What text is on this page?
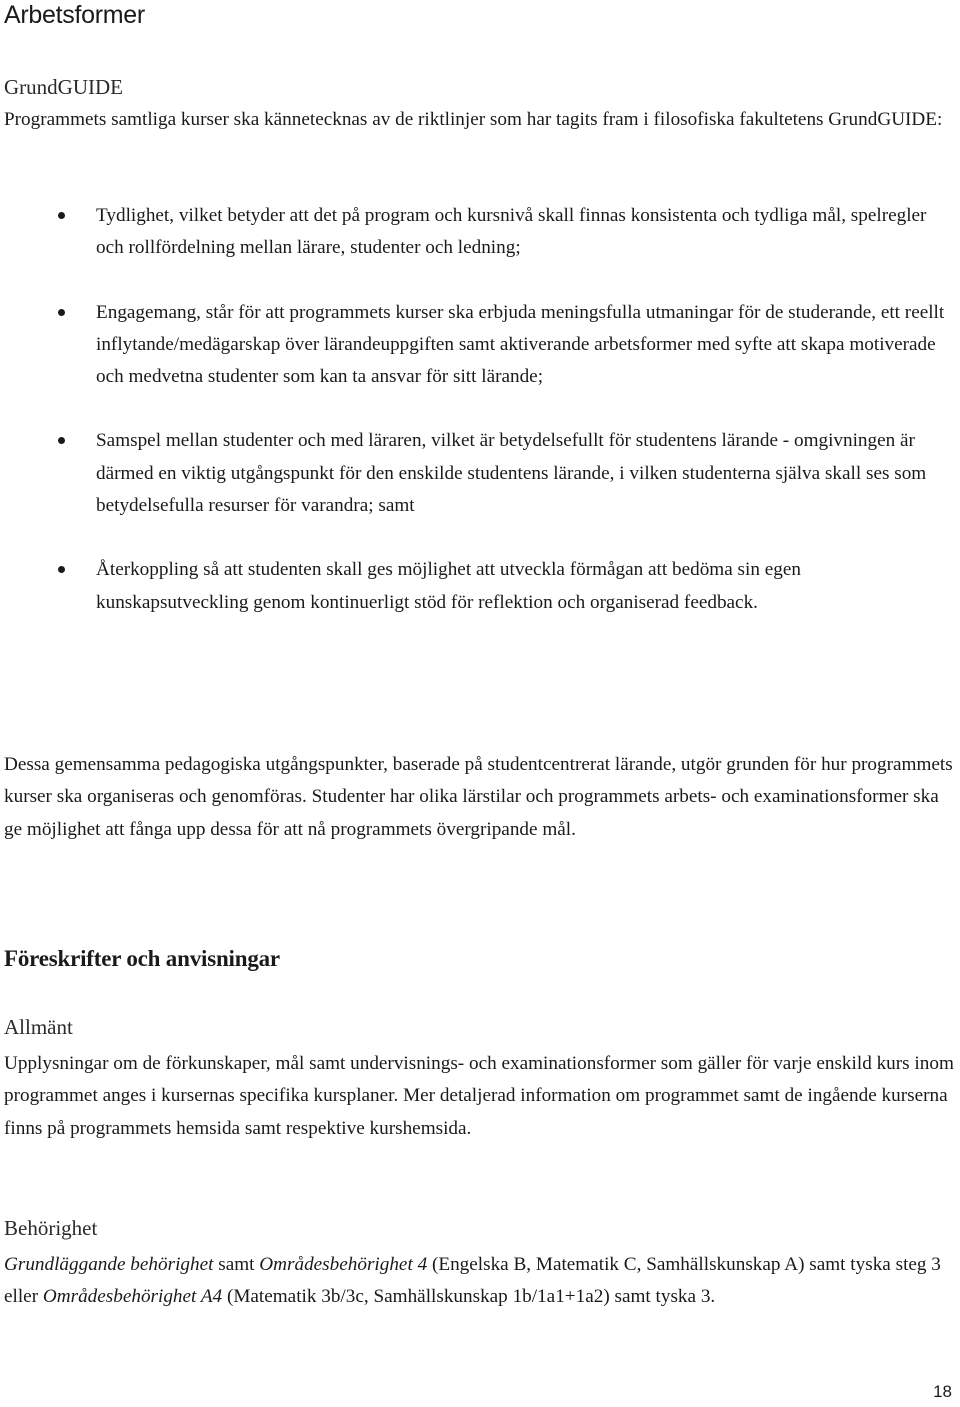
Arbetsformer
GrundGUIDE

Programmets samtliga kurser ska kännetecknas av de riktlinjer som har tagits fram i filosofiska fakultetens GrundGUIDE:

Tydlighet, vilket betyder att det på program och kursnivå skall finnas konsistenta och tydliga mål, spelregler och rollfördelning mellan lärare, studenter och ledning;
Engagemang, står för att programmets kurser ska erbjuda meningsfulla utmaningar för de studerande, ett reellt inflytande/medägarskap över lärandeuppgiften samt aktiverande arbetsformer med syfte att skapa motiverade och medvetna studenter som kan ta ansvar för sitt lärande;
Samspel mellan studenter och med läraren, vilket är betydelsefullt för studentens lärande - omgivningen är därmed en viktig utgångspunkt för den enskilde studentens lärande, i vilken studenterna själva skall ses som betydelsefulla resurser för varandra; samt
Återkoppling så att studenten skall ges möjlighet att utveckla förmågan att bedöma sin egen kunskapsutveckling genom kontinuerligt stöd för reflektion och organiserad feedback.

Dessa gemensamma pedagogiska utgångspunkter, baserade på studentcentrerat lärande, utgör grunden för hur programmets kurser ska organiseras och genomföras. Studenter har olika lärstilar och programmets arbets- och examinationsformer ska ge möjlighet att fånga upp dessa för att nå programmets övergripande mål.

Föreskrifter och anvisningar
Allmänt

Upplysningar om de förkunskaper, mål samt undervisnings- och examinationsformer som gäller för varje enskild kurs inom programmet anges i kursernas specifika kursplaner. Mer detaljerad information om programmet samt de ingående kurserna finns på programmets hemsida samt respektive kurshemsida.

Behörighet

Grundläggande behörighet samt Områdesbehörighet 4 (Engelska B, Matematik C, Samhällskunskap A) samt tyska steg 3 eller Områdesbehörighet A4 (Matematik 3b/3c, Samhällskunskap 1b/1a1+1a2) samt tyska 3.

18
